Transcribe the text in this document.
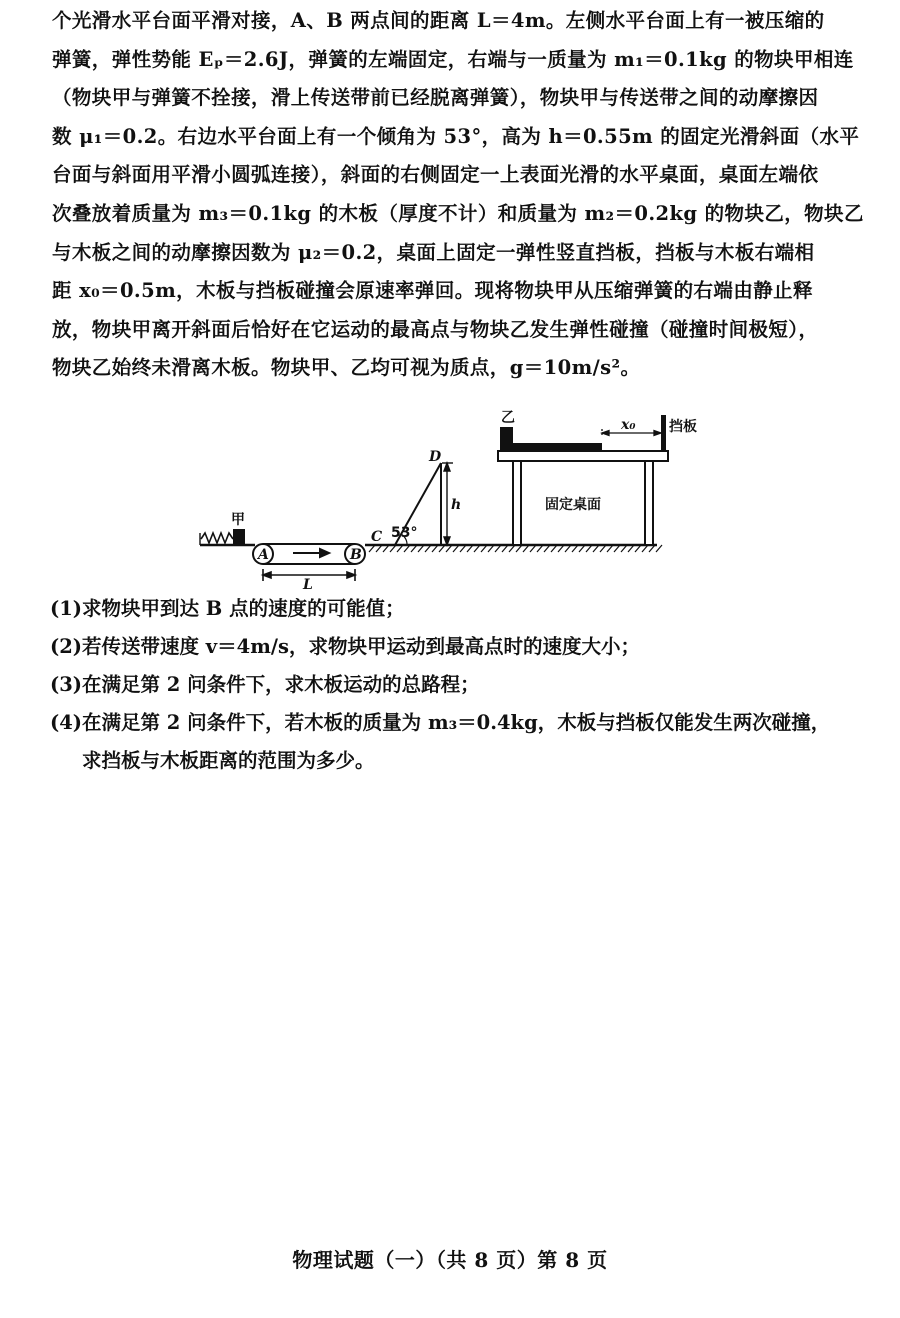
个光滑水平台面平滑对接，A、B 两点间的距离 L＝4m。左侧水平台面上有一被压缩的
弹簧，弹性势能 Eₚ＝2.6J，弹簧的左端固定，右端与一质量为 m₁＝0.1kg 的物块甲相连
（物块甲与弹簧不拴接，滑上传送带前已经脱离弹簧），物块甲与传送带之间的动摩擦因
数 μ₁＝0.2。右边水平台面上有一个倾角为 53°，高为 h＝0.55m 的固定光滑斜面（水平
台面与斜面用平滑小圆弧连接），斜面的右侧固定一上表面光滑的水平桌面，桌面左端依
次叠放着质量为 m₃＝0.1kg 的木板（厚度不计）和质量为 m₂＝0.2kg 的物块乙，物块乙
与木板之间的动摩擦因数为 μ₂＝0.2，桌面上固定一弹性竖直挡板，挡板与木板右端相
距 x₀＝0.5m，木板与挡板碰撞会原速率弹回。现将物块甲从压缩弹簧的右端由静止释
放，物块甲离开斜面后恰好在它运动的最高点与物块乙发生弹性碰撞（碰撞时间极短），
物块乙始终未滑离木板。物块甲、乙均可视为质点，g＝10m/s²。
甲
A	B
L
C
D
53°
h	固定桌面
乙	x₀ 挡板
(1)求物块甲到达 B 点的速度的可能值；
(2)若传送带速度 v＝4m/s，求物块甲运动到最高点时的速度大小；
(3)在满足第 2 问条件下，求木板运动的总路程；
(4)在满足第 2 问条件下，若木板的质量为 m₃＝0.4kg，木板与挡板仅能发生两次碰撞，
求挡板与木板距离的范围为多少。
物理试题（一）（共 8 页）第 8 页
